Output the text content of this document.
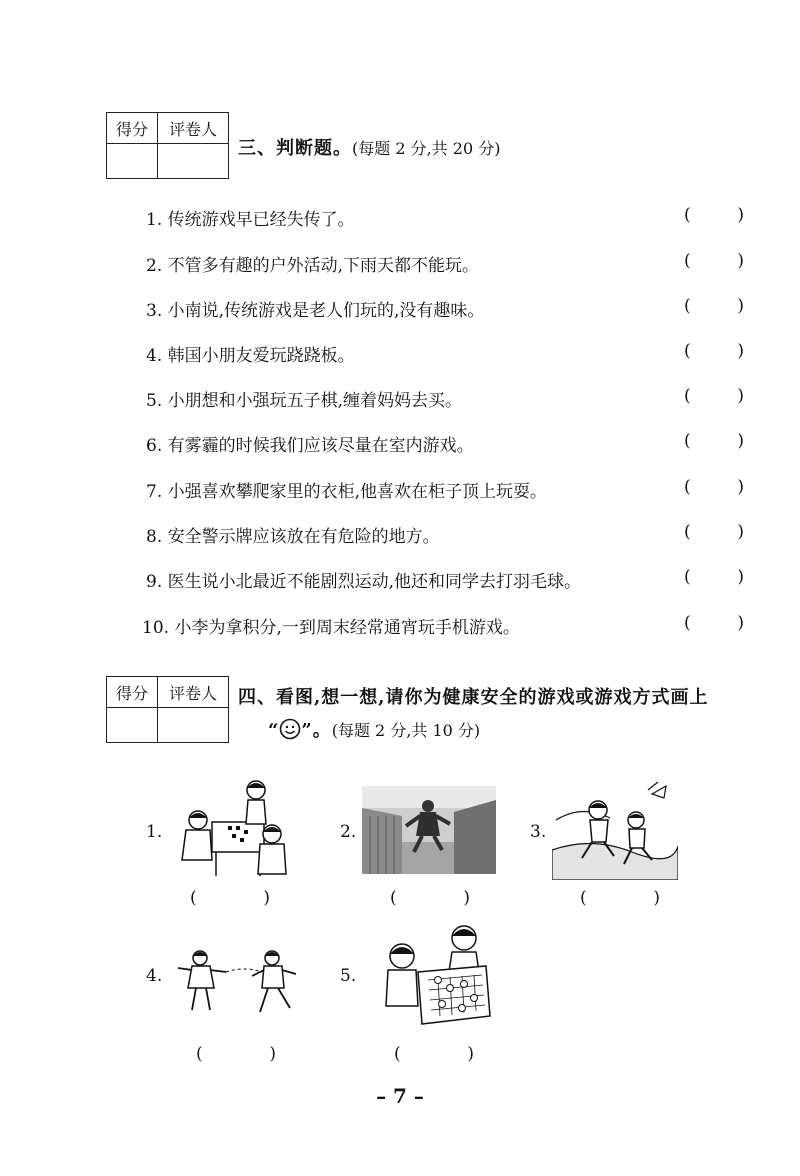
得分	评卷人

三、判断题。(每题 2 分,共 20 分)
1. 传统游戏早已经失传了。	(	)
2. 不管多有趣的户外活动,下雨天都不能玩。	(	)
3. 小南说,传统游戏是老人们玩的,没有趣味。	(	)
4. 韩国小朋友爱玩跷跷板。	(	)
5. 小朋想和小强玩五子棋,缠着妈妈去买。	(	)
6. 有雾霾的时候我们应该尽量在室内游戏。	(	)
7. 小强喜欢攀爬家里的衣柜,他喜欢在柜子顶上玩耍。	(	)
8. 安全警示牌应该放在有危险的地方。	(	)
9. 医生说小北最近不能剧烈运动,他还和同学去打羽毛球。	(	)
10. 小李为拿积分,一到周末经常通宵玩手机游戏。	(	)
得分	评卷人
	四、看图,想一想,请你为健康安全的游戏或游戏方式画上
“ ”。(每题 2 分,共 10 分)
1.
(	)
2.
(	)
3.
(	)
4.
(	)
5.
(	)
– 7 –
